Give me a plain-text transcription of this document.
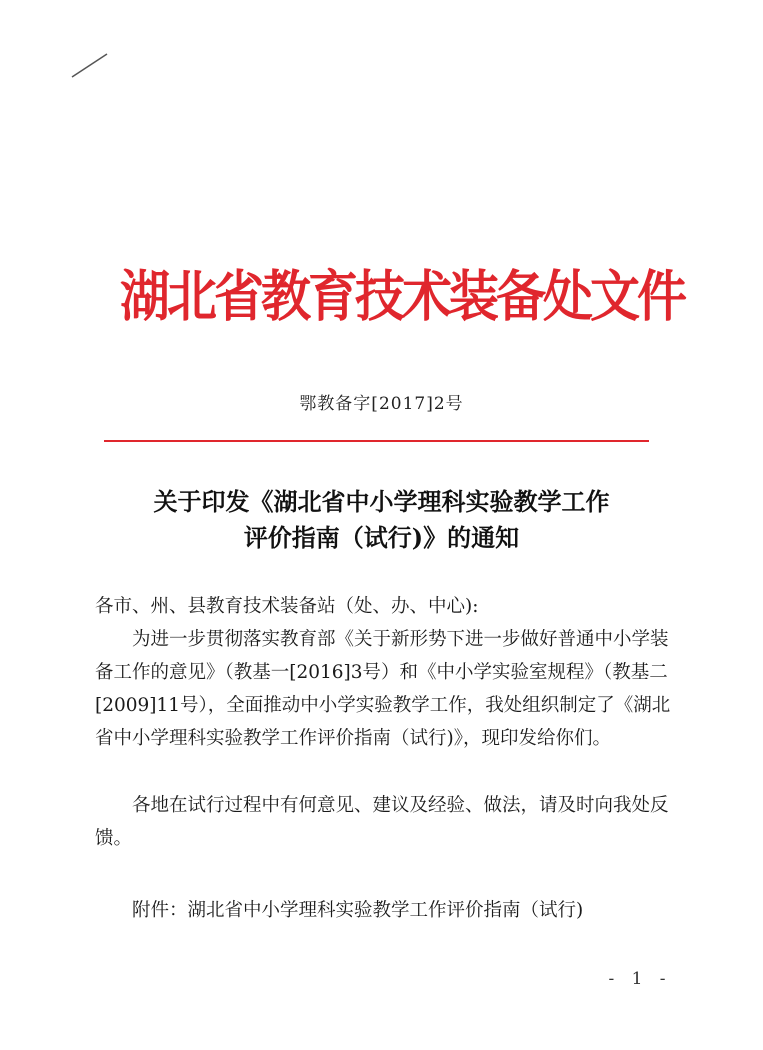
湖北省教育技术装备处文件
鄂教备字[2017]2号
关于印发《湖北省中小学理科实验教学工作
评价指南（试行)》的通知
各市、州、县教育技术装备站（处、办、中心):
为进一步贯彻落实教育部《关于新形势下进一步做好普通中小学装备工作的意见》（教基一[2016]3号）和《中小学实验室规程》（教基二[2009]11号），全面推动中小学实验教学工作，我处组织制定了《湖北省中小学理科实验教学工作评价指南（试行)》，现印发给你们。
各地在试行过程中有何意见、建议及经验、做法，请及时向我处反馈。
附件：湖北省中小学理科实验教学工作评价指南（试行)
- 1 -
